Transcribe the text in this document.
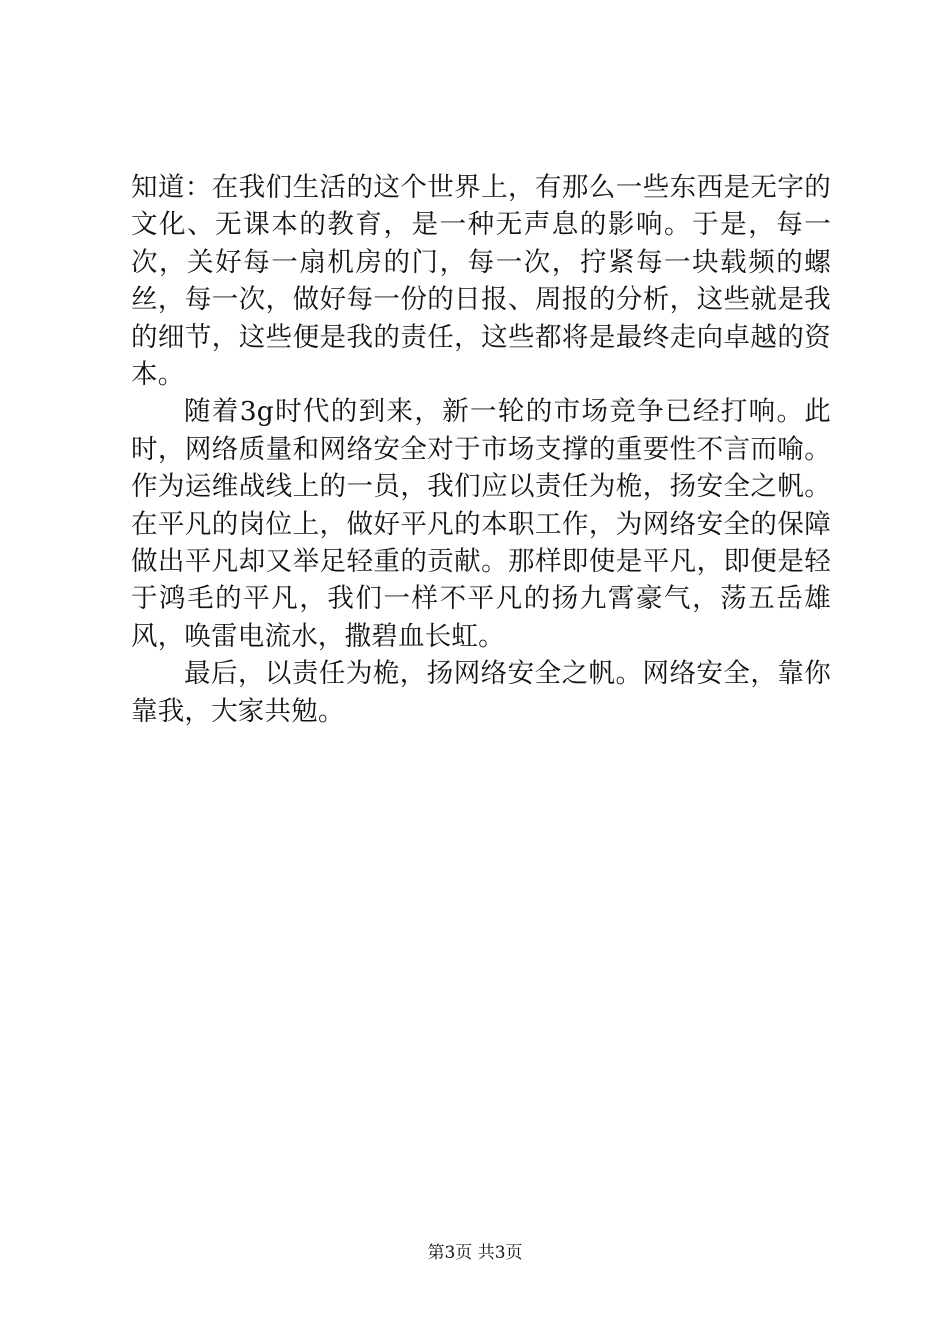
知道：在我们生活的这个世界上，有那么一些东西是无字的文化、无课本的教育，是一种无声息的影响。于是，每一次，关好每一扇机房的门，每一次，拧紧每一块载频的螺丝，每一次，做好每一份的日报、周报的分析，这些就是我的细节，这些便是我的责任，这些都将是最终走向卓越的资本。

随着3g时代的到来，新一轮的市场竞争已经打响。此时，网络质量和网络安全对于市场支撑的重要性不言而喻。作为运维战线上的一员，我们应以责任为桅，扬安全之帆。在平凡的岗位上，做好平凡的本职工作，为网络安全的保障做出平凡却又举足轻重的贡献。那样即使是平凡，即便是轻于鸿毛的平凡，我们一样不平凡的扬九霄豪气，荡五岳雄风，唤雷电流水，撒碧血长虹。

最后，以责任为桅，扬网络安全之帆。网络安全，靠你靠我，大家共勉。

第3页 共3页
